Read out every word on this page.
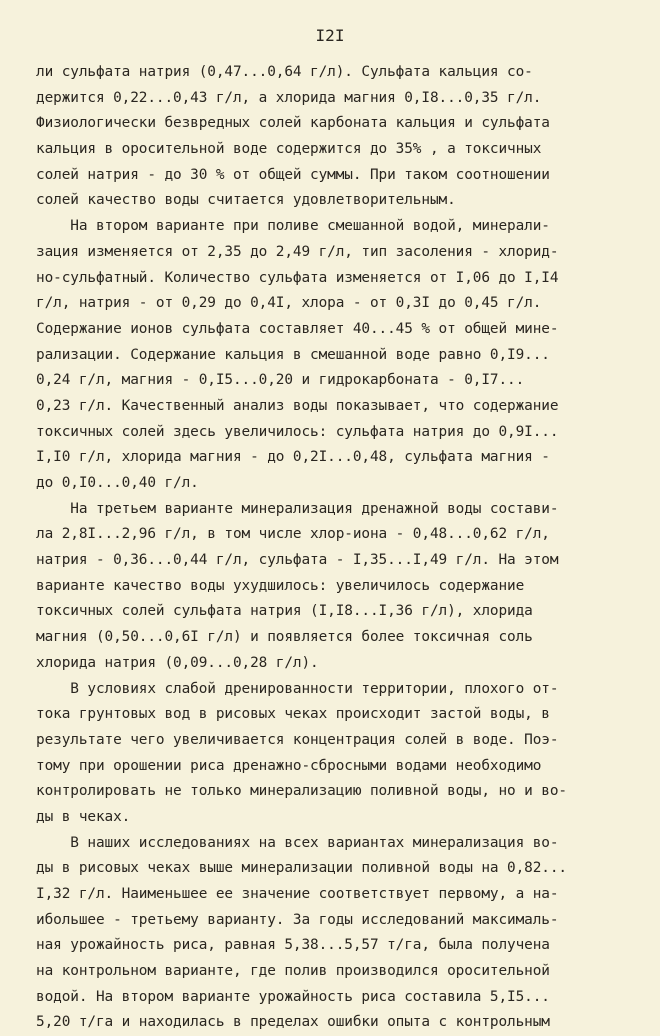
I2I
ли сульфата натрия (0,47...0,64 г/л). Сульфата кальция со-
держится 0,22...0,43 г/л, а хлорида магния 0,I8...0,35 г/л.
Физиологически безвредных солей карбоната кальция и сульфата
кальция в оросительной воде содержится до 35% , а токсичных
солей натрия - до 30 % от общей суммы. При таком соотношении
солей качество воды считается удовлетворительным.
На втором варианте при поливе смешанной водой, минерали-
зация изменяется от 2,35 до 2,49 г/л, тип засоления - хлорид-
но-сульфатный. Количество сульфата изменяется от I,06 до I,I4
г/л, натрия - от 0,29 до 0,4I, хлора - от 0,3I до 0,45 г/л.
Содержание ионов сульфата составляет 40...45 % от общей мине-
рализации. Содержание кальция в смешанной воде равно 0,I9...
0,24 г/л, магния - 0,I5...0,20 и гидрокарбоната - 0,I7...
0,23 г/л. Качественный анализ воды показывает, что содержание
токсичных солей здесь увеличилось: сульфата натрия до 0,9I...
I,I0 г/л, хлорида магния - до 0,2I...0,48, сульфата магния -
до 0,I0...0,40 г/л.
На третьем варианте минерализация дренажной воды состави-
ла 2,8I...2,96 г/л, в том числе хлор-иона - 0,48...0,62 г/л,
натрия - 0,36...0,44 г/л, сульфата - I,35...I,49 г/л. На этом
варианте качество воды ухудшилось: увеличилось содержание
токсичных солей сульфата натрия (I,I8...I,36 г/л), хлорида
магния (0,50...0,6I г/л) и появляется более токсичная соль
хлорида натрия (0,09...0,28 г/л).
В условиях слабой дренированности территории, плохого от-
тока грунтовых вод в рисовых чеках происходит застой воды, в
результате чего увеличивается концентрация солей в воде. Поэ-
тому при орошении риса дренажно-сбросными водами необходимо
контролировать не только минерализацию поливной воды, но и во-
ды в чеках.
В наших исследованиях на всех вариантах минерализация во-
ды в рисовых чеках выше минерализации поливной воды на 0,82...
I,32 г/л. Наименьшее ее значение соответствует первому, а на-
ибольшее - третьему варианту. За годы исследований максималь-
ная урожайность риса, равная 5,38...5,57 т/га, была получена
на контрольном варианте, где полив производился оросительной
водой. На втором варианте урожайность риса составила 5,I5...
5,20 т/га и находилась в пределах ошибки опыта с контрольным
